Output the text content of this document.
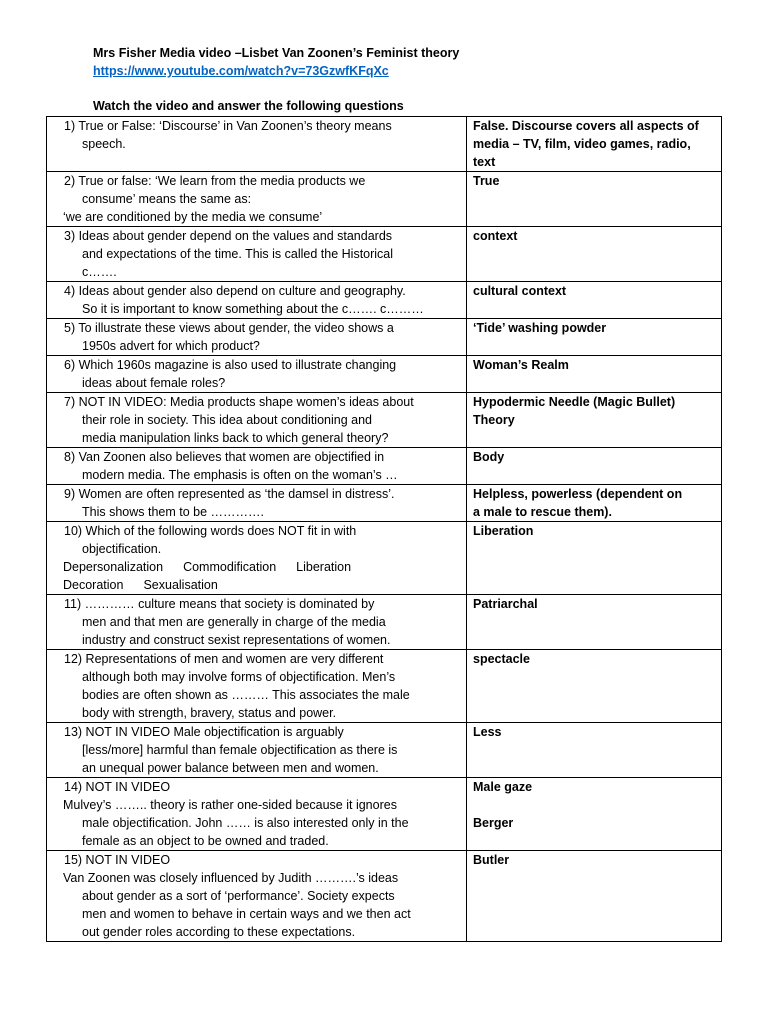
Mrs Fisher Media video –Lisbet Van Zoonen’s Feminist theory
https://www.youtube.com/watch?v=73GzwfKFqXc
Watch the video and answer the following questions
1) True or False: ‘Discourse’ in Van Zoonen’s theory means
speech.	False. Discourse covers all aspects of
media – TV, film, video games, radio,
text

2) True or false: ‘We learn from the media products we
consume’ means the same as:
‘we are conditioned by the media we consume’	True

3) Ideas about gender depend on the values and standards
and expectations of the time. This is called the Historical
c…….	context

4) Ideas about gender also depend on culture and geography.
So it is important to know something about the c……. c………	cultural context

5) To illustrate these views about gender, the video shows a
1950s advert for which product?	‘Tide’ washing powder

6) Which 1960s magazine is also used to illustrate changing
ideas about female roles?	Woman’s Realm

7) NOT IN VIDEO: Media products shape women’s ideas about
their role in society. This idea about conditioning and
media manipulation links back to which general theory?	Hypodermic Needle (Magic Bullet)
Theory

8) Van Zoonen also believes that women are objectified in
modern media. The emphasis is often on the woman’s …	Body

9) Women are often represented as ‘the damsel in distress’.
This shows them to be ………….	Helpless, powerless (dependent on
a male to rescue them).

10) Which of the following words does NOT fit in with
objectification.
Depersonalization Commodification Liberation
Decoration Sexualisation	Liberation

11) ………… culture means that society is dominated by
men and that men are generally in charge of the media
industry and construct sexist representations of women.	Patriarchal

12) Representations of men and women are very different
although both may involve forms of objectification. Men’s
bodies are often shown as ……… This associates the male
body with strength, bravery, status and power.	spectacle

13) NOT IN VIDEO Male objectification is arguably
[less/more] harmful than female objectification as there is
an unequal power balance between men and women.	Less

14) NOT IN VIDEO
Mulvey’s …….. theory is rather one-sided because it ignores
male objectification. John …… is also interested only in the
female as an object to be owned and traded.	Male gaze
Berger

15) NOT IN VIDEO
Van Zoonen was closely influenced by Judith ……….’s ideas
about gender as a sort of ‘performance’. Society expects
men and women to behave in certain ways and we then act
out gender roles according to these expectations.	Butler
